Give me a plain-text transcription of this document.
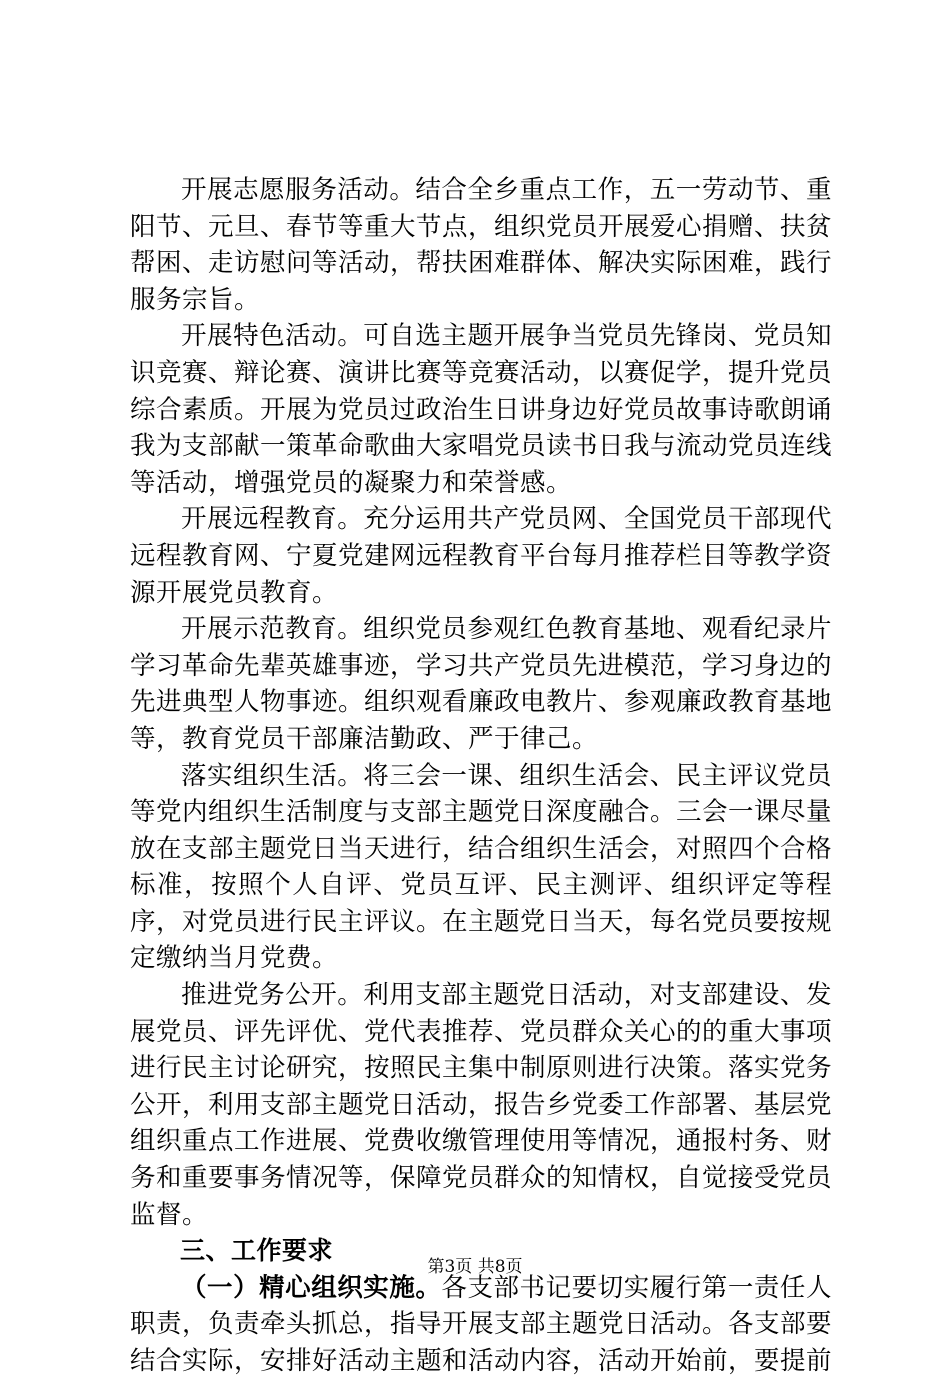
开展志愿服务活动。结合全乡重点工作，五一劳动节、重阳节、元旦、春节等重大节点，组织党员开展爱心捐赠、扶贫帮困、走访慰问等活动，帮扶困难群体、解决实际困难，践行服务宗旨。

开展特色活动。可自选主题开展争当党员先锋岗、党员知识竞赛、辩论赛、演讲比赛等竞赛活动，以赛促学，提升党员综合素质。开展为党员过政治生日讲身边好党员故事诗歌朗诵我为支部献一策革命歌曲大家唱党员读书日我与流动党员连线等活动，增强党员的凝聚力和荣誉感。

开展远程教育。充分运用共产党员网、全国党员干部现代远程教育网、宁夏党建网远程教育平台每月推荐栏目等教学资源开展党员教育。

开展示范教育。组织党员参观红色教育基地、观看纪录片学习革命先辈英雄事迹，学习共产党员先进模范，学习身边的先进典型人物事迹。组织观看廉政电教片、参观廉政教育基地等，教育党员干部廉洁勤政、严于律己。

落实组织生活。将三会一课、组织生活会、民主评议党员等党内组织生活制度与支部主题党日深度融合。三会一课尽量放在支部主题党日当天进行，结合组织生活会，对照四个合格标准，按照个人自评、党员互评、民主测评、组织评定等程序，对党员进行民主评议。在主题党日当天，每名党员要按规定缴纳当月党费。

推进党务公开。利用支部主题党日活动，对支部建设、发展党员、评先评优、党代表推荐、党员群众关心的的重大事项进行民主讨论研究，按照民主集中制原则进行决策。落实党务公开，利用支部主题党日活动，报告乡党委工作部署、基层党组织重点工作进展、党费收缴管理使用等情况，通报村务、财务和重要事务情况等，保障党员群众的知情权，自觉接受党员监督。

三、工作要求

（一）精心组织实施。各支部书记要切实履行第一责任人职责，负责牵头抓总，指导开展支部主题党日活动。各支部要结合实际，安排好活动主题和活动内容，活动开始前，要提前

第3页 共8页
